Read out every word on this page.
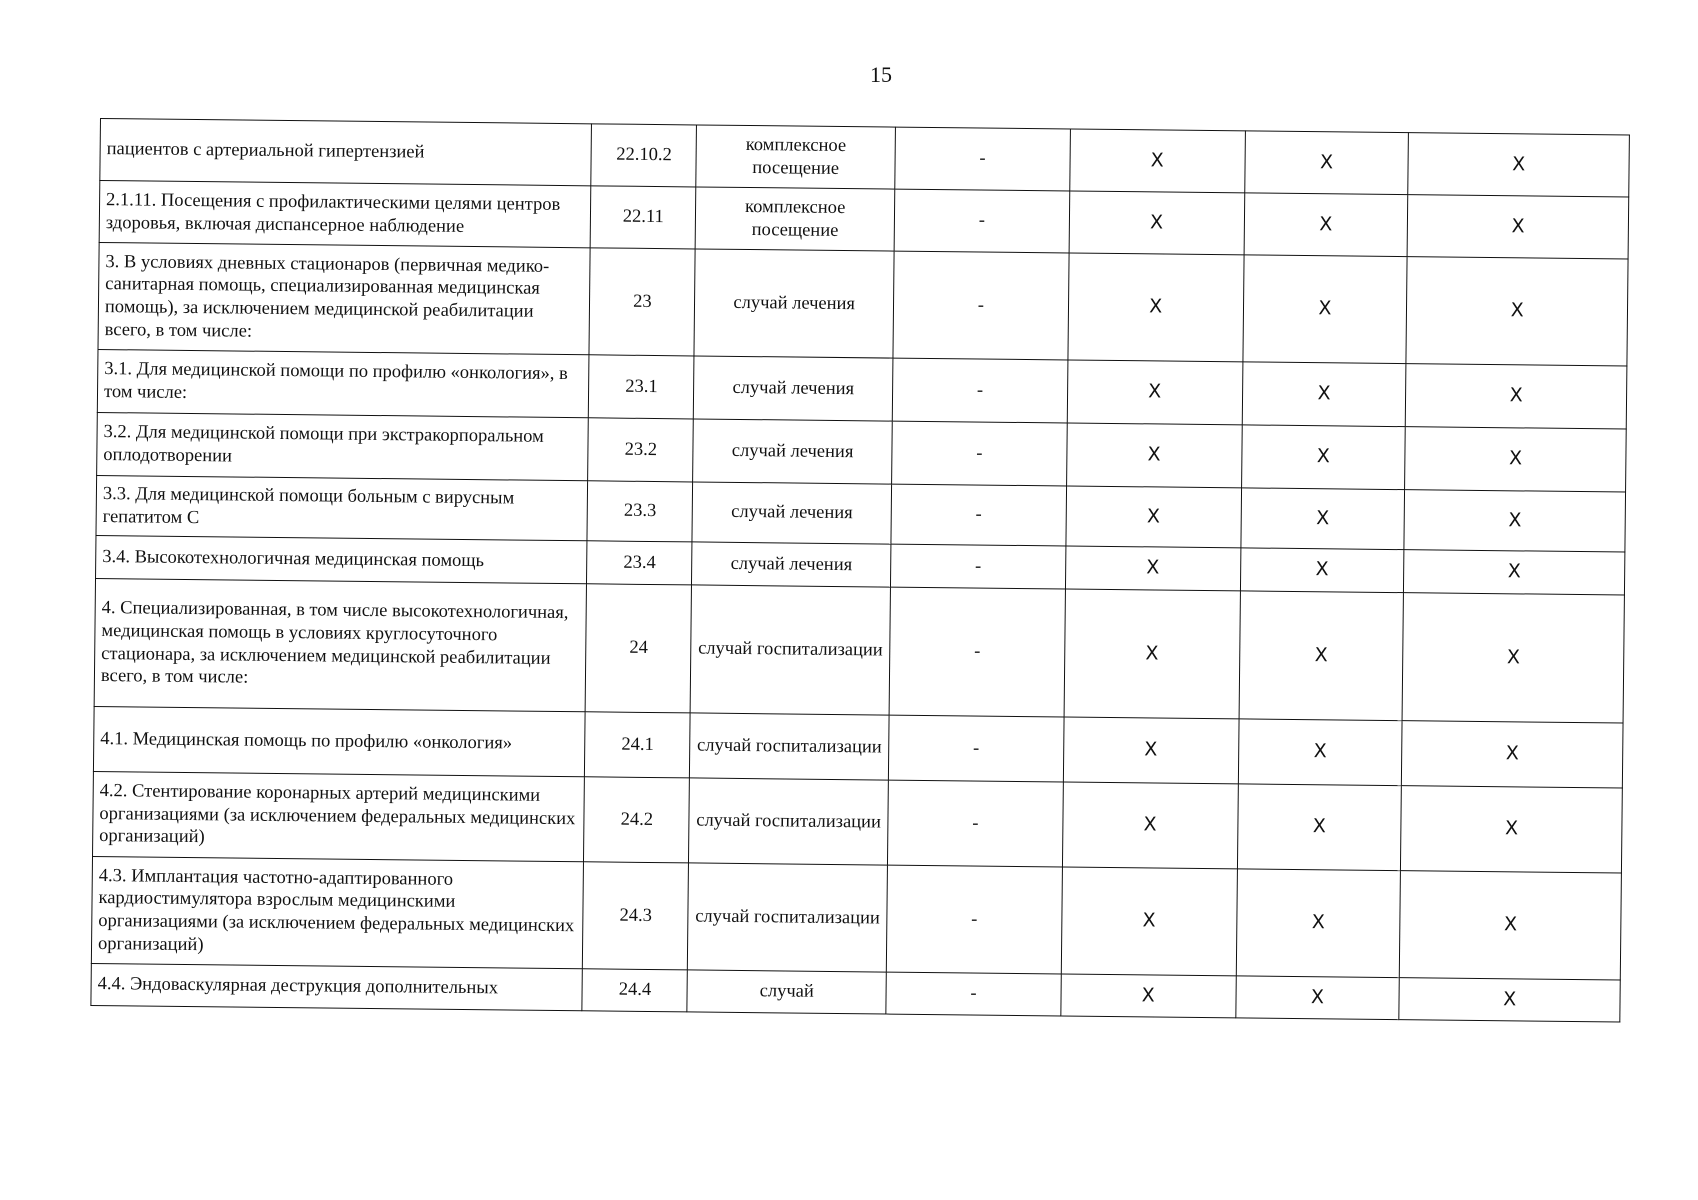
15
пациентов с артериальной гипертензией	22.10.2	комплексное посещение	-	X	X	X
2.1.11. Посещения с профилактическими целями центров здоровья, включая диспансерное наблюдение	22.11	комплексное посещение	-	X	X	X
3. В условиях дневных стационаров (первичная медико-санитарная помощь, специализированная медицинская помощь), за исключением медицинской реабилитации всего, в том числе:	23	случай лечения	-	X	X	X
3.1. Для медицинской помощи по профилю «онкология», в том числе:	23.1	случай лечения	-	X	X	X
3.2. Для медицинской помощи при экстракорпоральном оплодотворении	23.2	случай лечения	-	X	X	X
3.3. Для медицинской помощи больным с вирусным гепатитом С	23.3	случай лечения	-	X	X	X
3.4. Высокотехнологичная медицинская помощь	23.4	случай лечения	-	X	X	X
4. Специализированная, в том числе высокотехнологичная, медицинская помощь в условиях круглосуточного стационара, за исключением медицинской реабилитации всего, в том числе:	24	случай госпитализации	-	X	X	X
4.1. Медицинская помощь по профилю «онкология»	24.1	случай госпитализации	-	X	X	X
4.2. Стентирование коронарных артерий медицинскими организациями (за исключением федеральных медицинских организаций)	24.2	случай госпитализации	-	X	X	X
4.3. Имплантация частотно-адаптированного кардиостимулятора взрослым медицинскими организациями (за исключением федеральных медицинских организаций)	24.3	случай госпитализации	-	X	X	X
4.4. Эндоваскулярная деструкция дополнительных	24.4	случай	-	X	X	X
